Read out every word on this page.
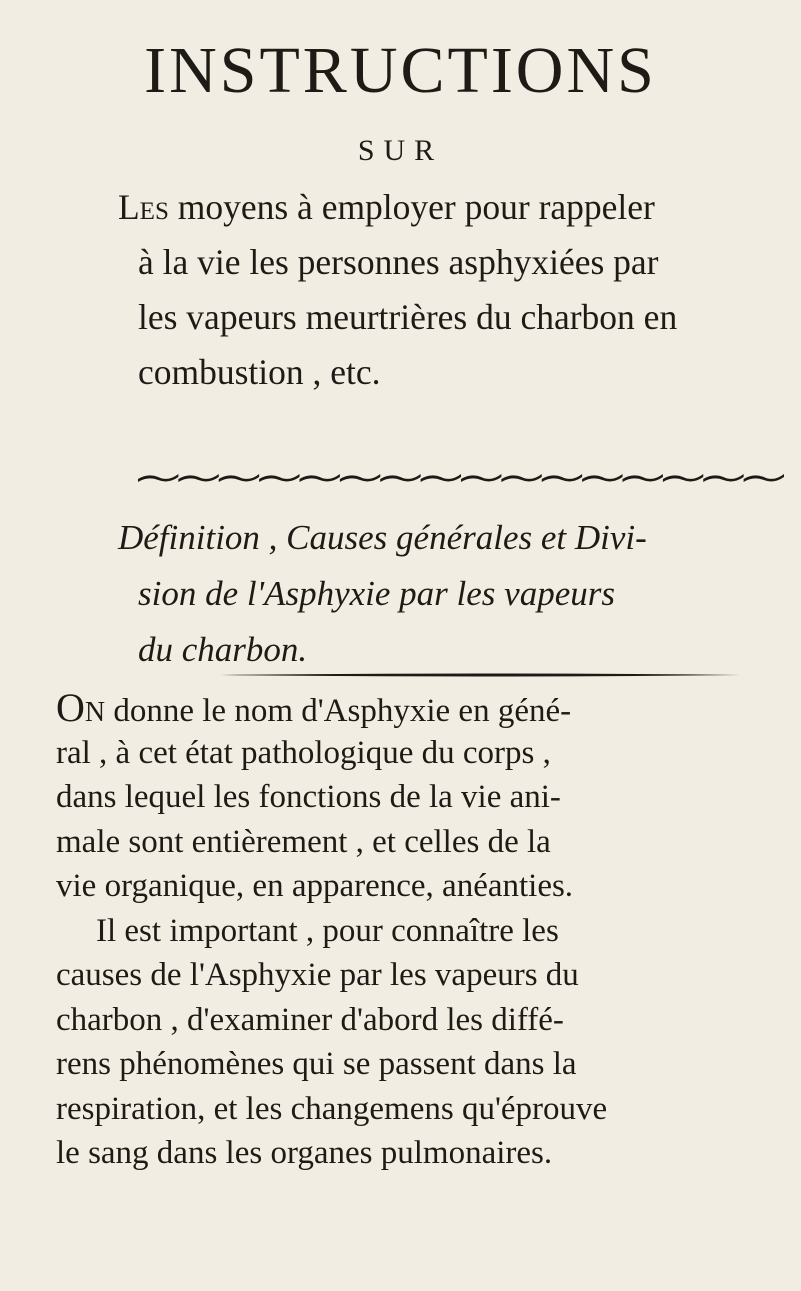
INSTRUCTIONS
SUR
Les moyens à employer pour rappeler
à la vie les personnes asphyxiées par
les vapeurs meurtrières du charbon en
combustion , etc.
Définition , Causes générales et Divi-
sion de l'Asphyxie par les vapeurs
du charbon.
On donne le nom d'Asphyxie en géné-
ral , à cet état pathologique du corps ,
dans lequel les fonctions de la vie ani-
male sont entièrement , et celles de la
vie organique, en apparence, anéanties.
Il est important , pour connaître les
causes de l'Asphyxie par les vapeurs du
charbon , d'examiner d'abord les diffé-
rens phénomènes qui se passent dans la
respiration, et les changemens qu'éprouve
le sang dans les organes pulmonaires.
